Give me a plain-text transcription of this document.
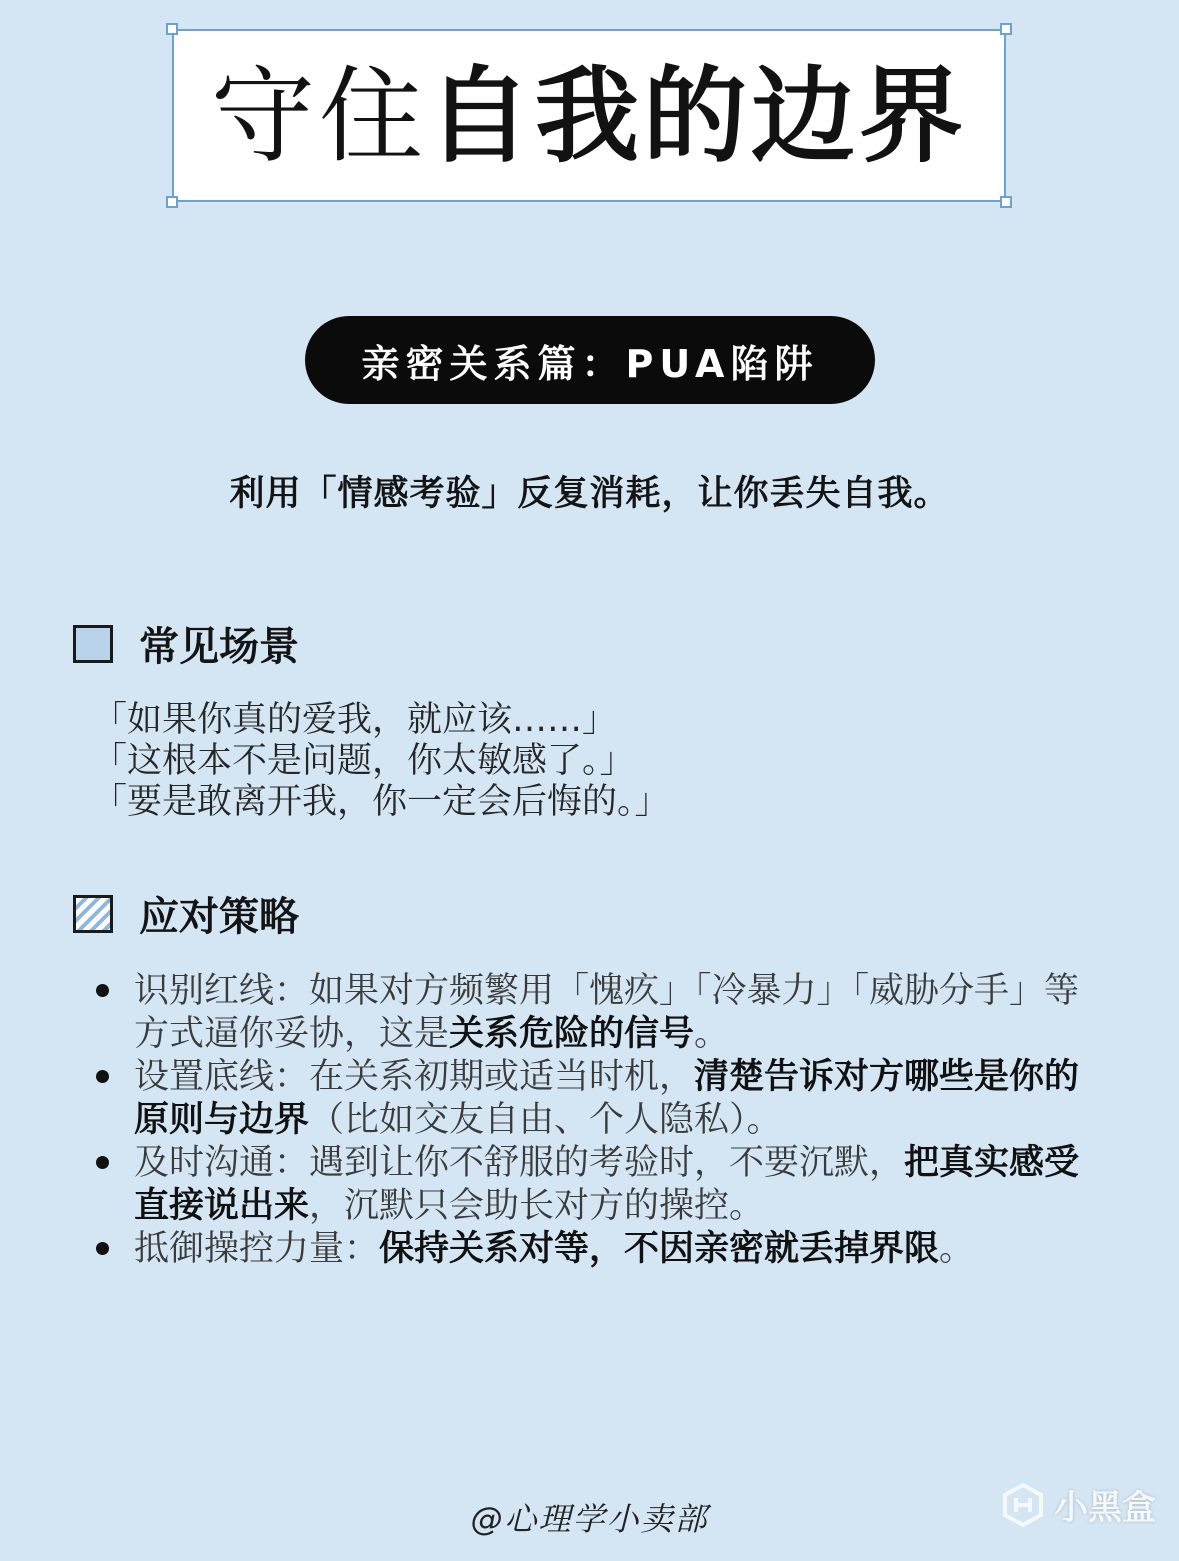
守住自我的边界
亲密关系篇：PUA陷阱
利用「情感考验」反复消耗，让你丢失自我。
常见场景
「如果你真的爱我，就应该……」
「这根本不是问题，你太敏感了。」
「要是敢离开我，你一定会后悔的。」
应对策略
识别红线：如果对方频繁用「愧疚」「冷暴力」「威胁分手」等方式逼你妥协，这是关系危险的信号。
设置底线：在关系初期或适当时机，清楚告诉对方哪些是你的原则与边界（比如交友自由、个人隐私）。
及时沟通：遇到让你不舒服的考验时，不要沉默，把真实感受直接说出来，沉默只会助长对方的操控。
抵御操控力量：保持关系对等，不因亲密就丢掉界限。
@心理学小卖部	小黑盒
